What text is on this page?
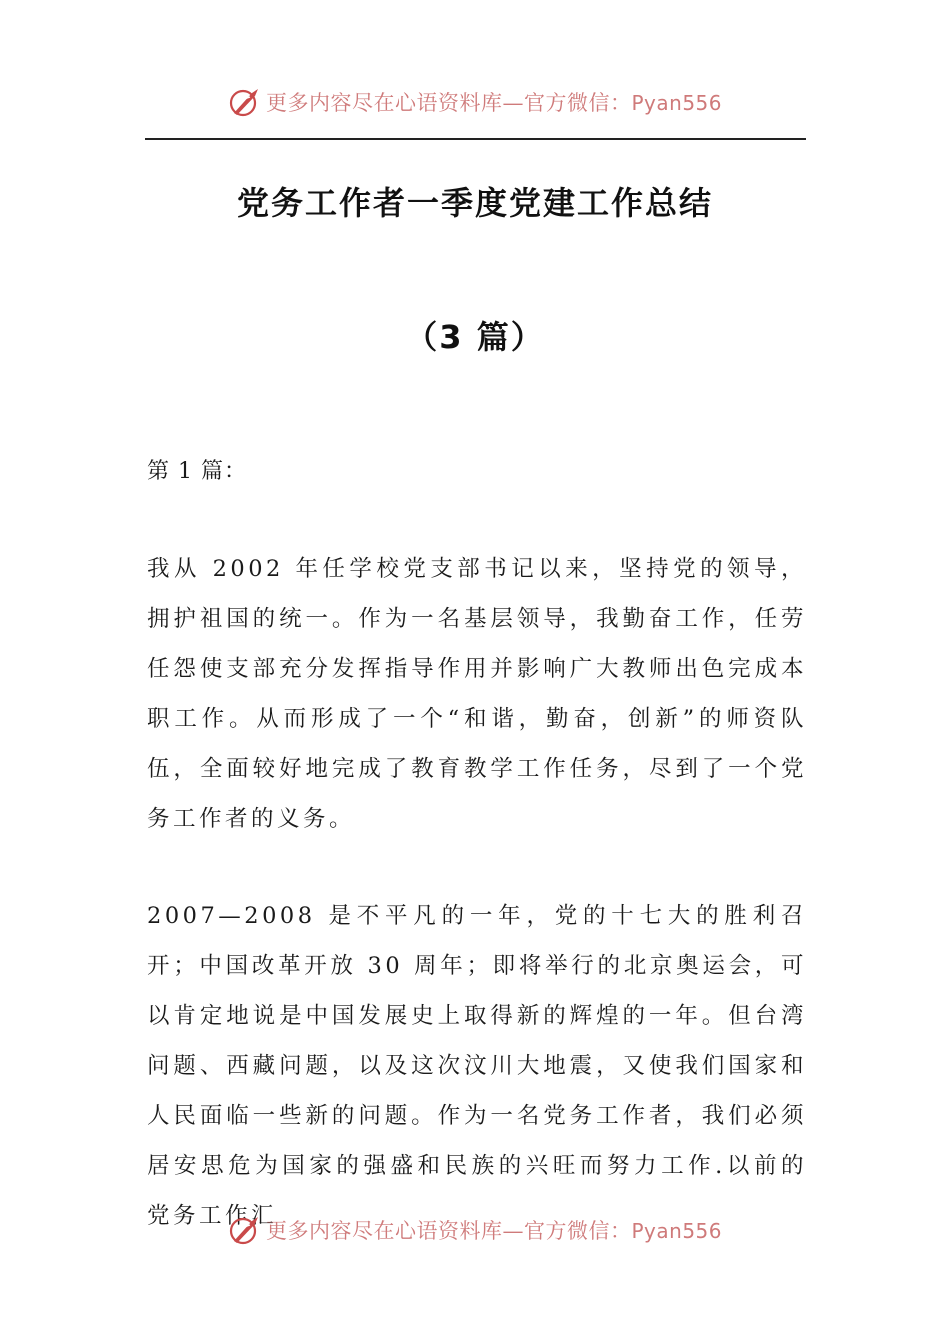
更多内容尽在心语资料库—官方微信：Pyan556
党务工作者一季度党建工作总结
（3 篇）

第 1 篇：

我从 2002 年任学校党支部书记以来，坚持党的领导，拥护祖国的统一。作为一名基层领导，我勤奋工作，任劳任怨使支部充分发挥指导作用并影响广大教师出色完成本职工作。从而形成了一个“和谐，勤奋，创新”的师资队伍，全面较好地完成了教育教学工作任务，尽到了一个党务工作者的义务。

2007—2008 是不平凡的一年，党的十七大的胜利召开；中国改革开放 30 周年；即将举行的北京奥运会，可以肯定地说是中国发展史上取得新的辉煌的一年。但台湾问题、西藏问题，以及这次汶川大地震，又使我们国家和人民面临一些新的问题。作为一名党务工作者，我们必须居安思危为国家的强盛和民族的兴旺而努力工作.以前的党务工作汇

更多内容尽在心语资料库—官方微信：Pyan556
